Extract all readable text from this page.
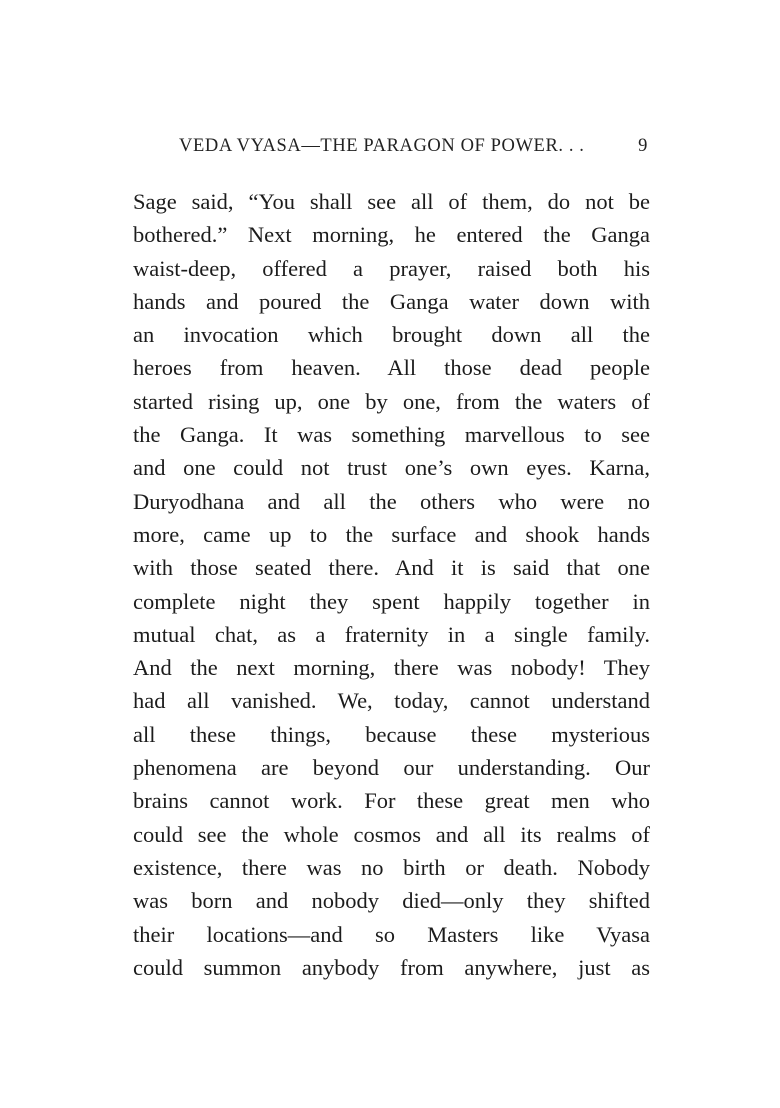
VEDA VYASA—THE PARAGON OF POWER. . .	9
Sage said, “You shall see all of them, do not be
bothered.” Next morning, he entered the Ganga
waist-deep, offered a prayer, raised both his
hands and poured the Ganga water down with
an invocation which brought down all the
heroes from heaven. All those dead people
started rising up, one by one, from the waters of
the Ganga. It was something marvellous to see
and one could not trust one’s own eyes. Karna,
Duryodhana and all the others who were no
more, came up to the surface and shook hands
with those seated there. And it is said that one
complete night they spent happily together in
mutual chat, as a fraternity in a single family.
And the next morning, there was nobody! They
had all vanished. We, today, cannot understand
all these things, because these mysterious
phenomena are beyond our understanding. Our
brains cannot work. For these great men who
could see the whole cosmos and all its realms of
existence, there was no birth or death. Nobody
was born and nobody died—only they shifted
their locations—and so Masters like Vyasa
could summon anybody from anywhere, just as
